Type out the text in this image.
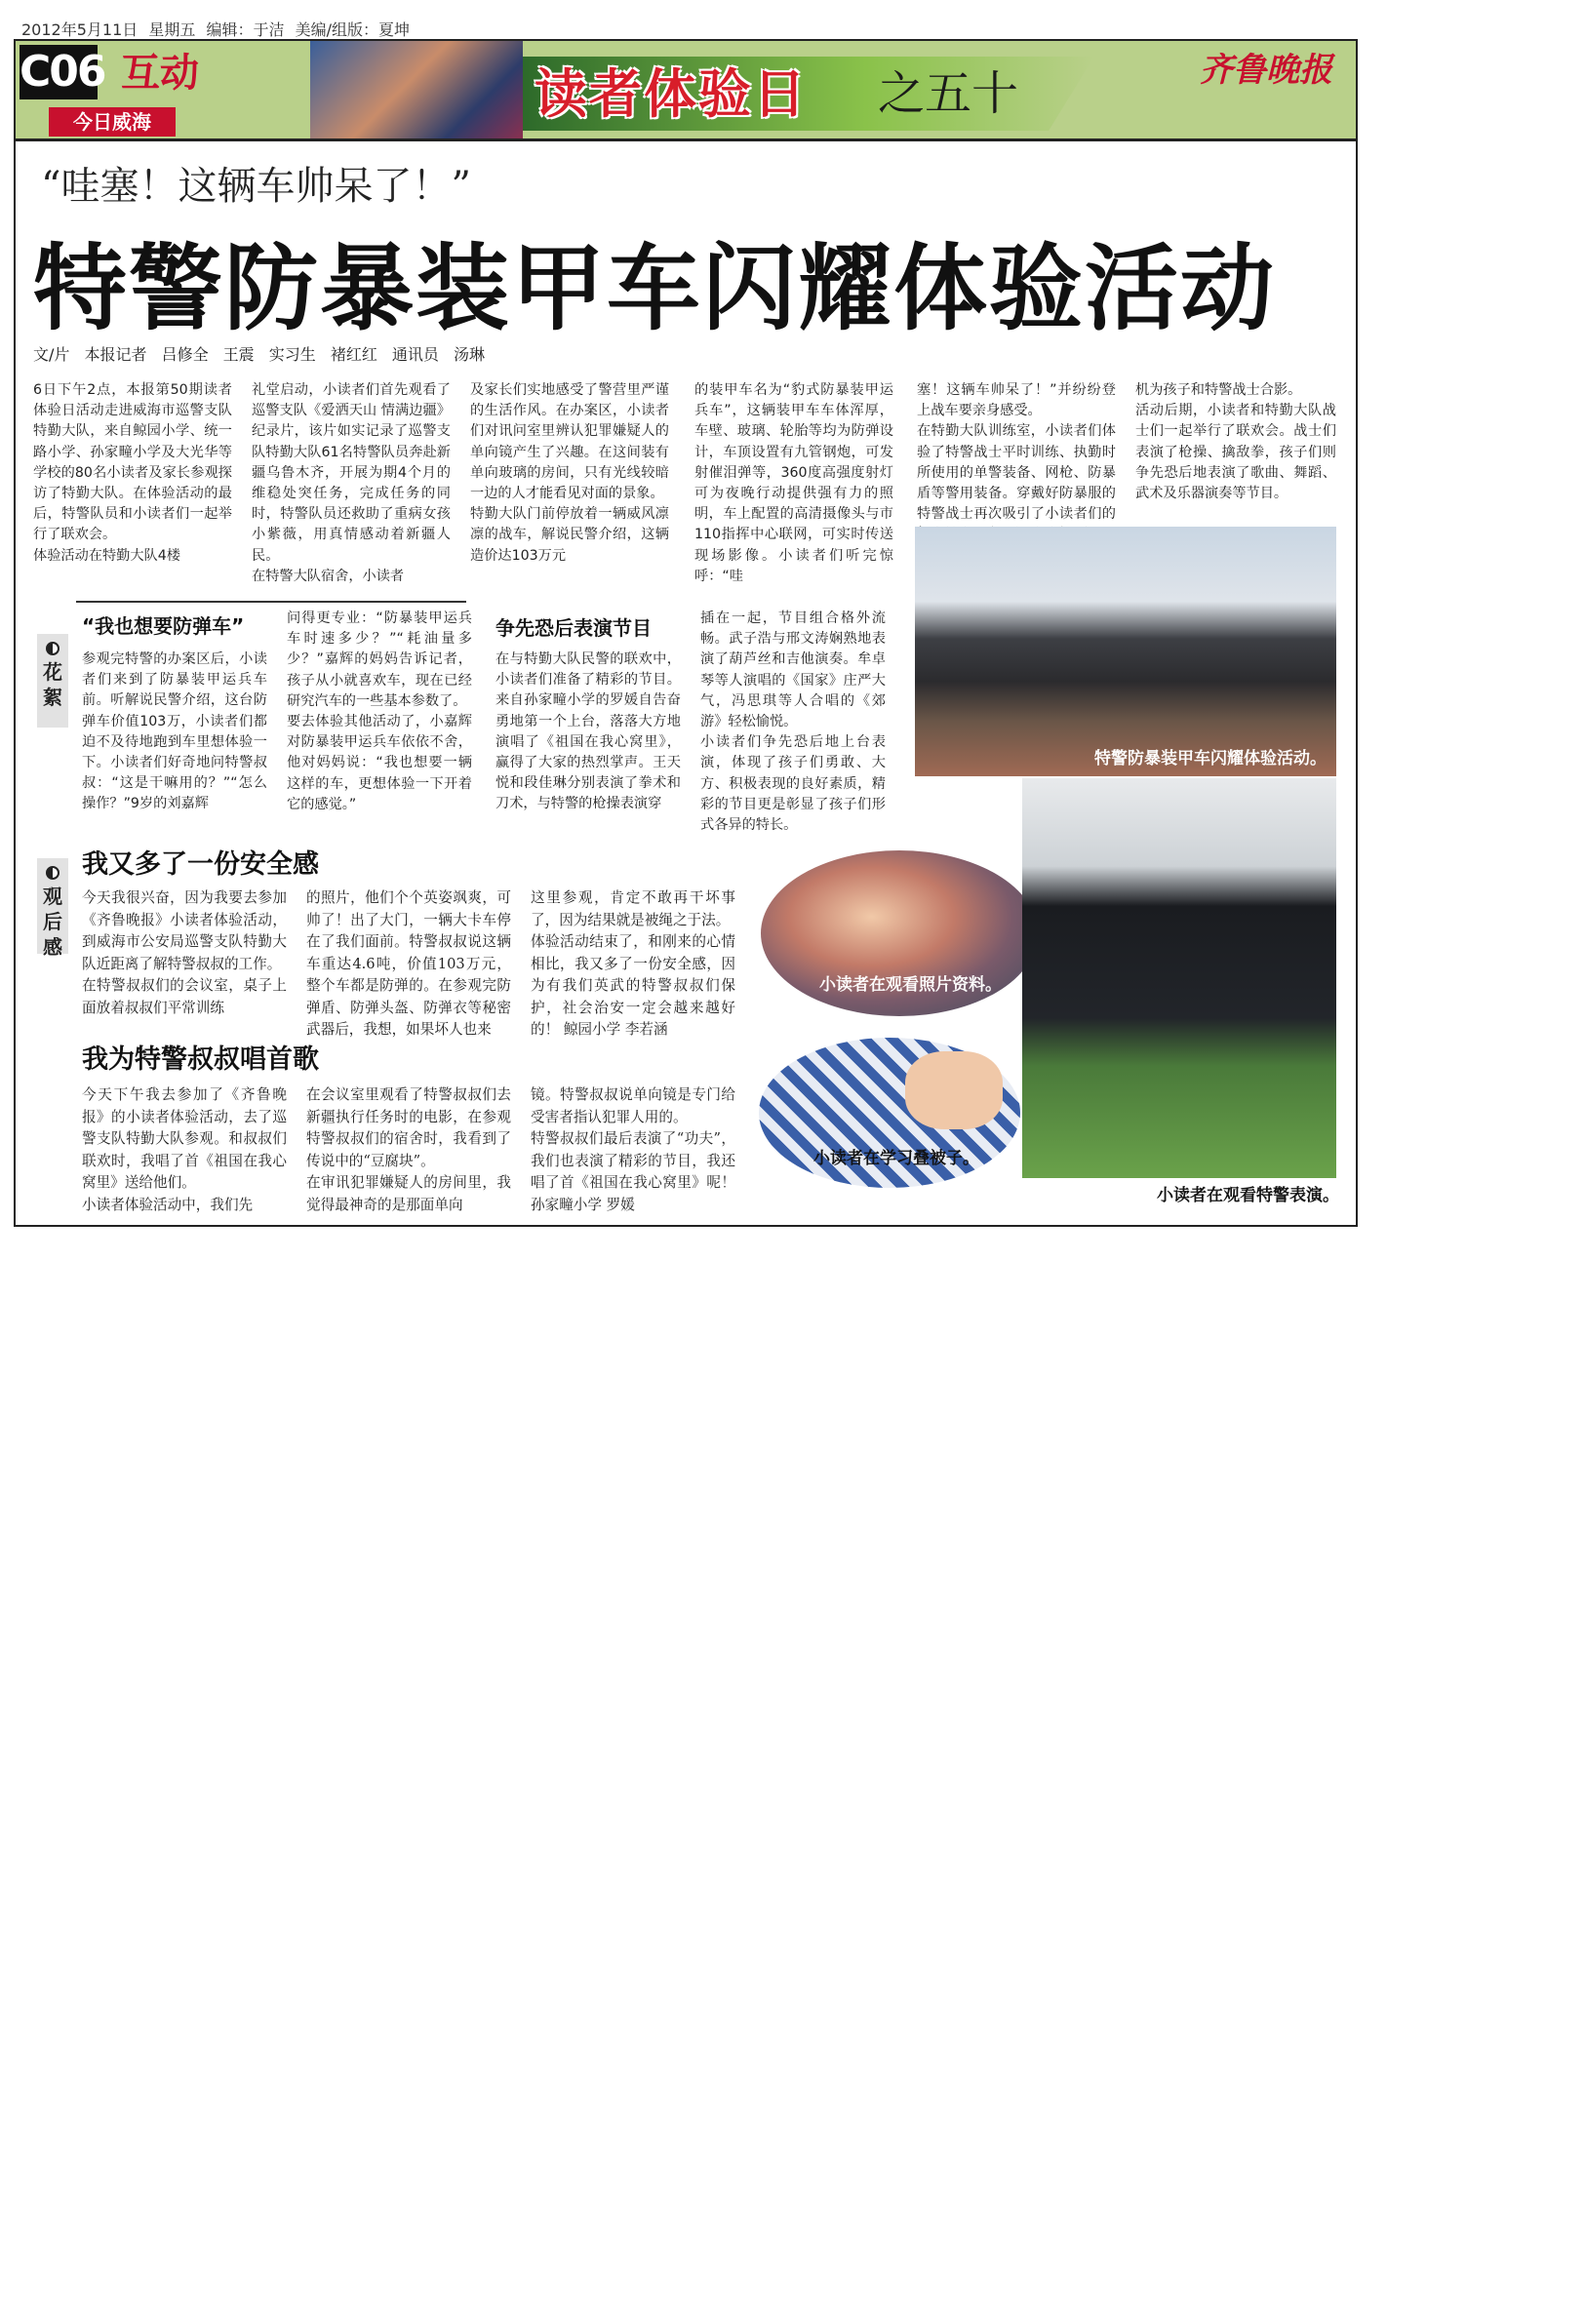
2012年5月11日 星期五 编辑：于洁 美编/组版：夏坤
C06 互动
今日威海	读者体验日 之五十	齐鲁晚报
“哇塞！这辆车帅呆了！”
特警防暴装甲车闪耀体验活动
文/片 本报记者 吕修全 王震 实习生 褚红红 通讯员 汤琳
6日下午2点，本报第50期读者体验日活动走进威海市巡警支队特勤大队，来自鲸园小学、统一路小学、孙家疃小学及大光华等学校的80名小读者及家长参观探访了特勤大队。在体验活动的最后，特警队员和小读者们一起举行了联欢会。
体验活动在特勤大队4楼
礼堂启动，小读者们首先观看了巡警支队《爱洒天山 情满边疆》纪录片，该片如实记录了巡警支队特勤大队61名特警队员奔赴新疆乌鲁木齐，开展为期4个月的维稳处突任务，完成任务的同时，特警队员还救助了重病女孩小紫薇，用真情感动着新疆人民。
在特警大队宿舍，小读者
及家长们实地感受了警营里严谨的生活作风。在办案区，小读者们对讯问室里辨认犯罪嫌疑人的单向镜产生了兴趣。在这间装有单向玻璃的房间，只有光线较暗一边的人才能看见对面的景象。
特勤大队门前停放着一辆威风凛凛的战车，解说民警介绍，这辆造价达103万元
的装甲车名为“豹式防暴装甲运兵车”，这辆装甲车车体浑厚，车壁、玻璃、轮胎等均为防弹设计，车顶设置有九管钢炮，可发射催泪弹等，360度高强度射灯可为夜晚行动提供强有力的照明，车上配置的高清摄像头与市110指挥中心联网，可实时传送现场影像。小读者们听完惊呼：“哇
塞！这辆车帅呆了！”并纷纷登上战车要亲身感受。
在特勤大队训练室，小读者们体验了特警战士平时训练、执勤时所使用的单警装备、网枪、防暴盾等警用装备。穿戴好防暴服的特警战士再次吸引了小读者们的
机为孩子和特警战士合影。
活动后期，小读者和特勤大队战士们一起举行了联欢会。战士们表演了枪操、擒敌拳，孩子们则争先恐后地表演了歌曲、舞蹈、武术及乐器演奏等节目。
特警防暴装甲车闪耀体验活动。
花絮
“我也想要防弹车”
参观完特警的办案区后，小读者们来到了防暴装甲运兵车前。听解说民警介绍，这台防弹车价值103万，小读者们都迫不及待地跑到车里想体验一下。小读者们好奇地问特警叔叔：“这是干嘛用的？”“怎么操作？”9岁的刘嘉辉
问得更专业：“防暴装甲运兵车时速多少？”“耗油量多少？”嘉辉的妈妈告诉记者，孩子从小就喜欢车，现在已经研究汽车的一些基本参数了。
要去体验其他活动了，小嘉辉对防暴装甲运兵车依依不舍，他对妈妈说：“我也想要一辆这样的车，更想体验一下开着它的感觉。”
争先恐后表演节目
在与特勤大队民警的联欢中，小读者们准备了精彩的节目。来自孙家疃小学的罗媛自告奋勇地第一个上台，落落大方地演唱了《祖国在我心窝里》，赢得了大家的热烈掌声。王天悦和段佳琳分别表演了拳术和刀术，与特警的枪操表演穿
插在一起，节目组合格外流畅。武子浩与邢文涛娴熟地表演了葫芦丝和吉他演奏。牟卓琴等人演唱的《国家》庄严大气，冯思琪等人合唱的《郊游》轻松愉悦。
小读者们争先恐后地上台表演，体现了孩子们勇敢、大方、积极表现的良好素质，精彩的节目更是彰显了孩子们形式各异的特长。
观后感
我又多了一份安全感
今天我很兴奋，因为我要去参加《齐鲁晚报》小读者体验活动，到威海市公安局巡警支队特勤大队近距离了解特警叔叔的工作。
在特警叔叔们的会议室，桌子上面放着叔叔们平常训练
的照片，他们个个英姿飒爽，可帅了！出了大门，一辆大卡车停在了我们面前。特警叔叔说这辆车重达4.6吨，价值103万元，整个车都是防弹的。在参观完防弹盾、防弹头盔、防弹衣等秘密武器后，我想，如果坏人也来
这里参观，肯定不敢再干坏事了，因为结果就是被绳之于法。
体验活动结束了，和刚来的心情相比，我又多了一份安全感，因为有我们英武的特警叔叔们保护，社会治安一定会越来越好的！ 鲸园小学 李若涵
我为特警叔叔唱首歌
今天下午我去参加了《齐鲁晚报》的小读者体验活动，去了巡警支队特勤大队参观。和叔叔们联欢时，我唱了首《祖国在我心窝里》送给他们。
小读者体验活动中，我们先
在会议室里观看了特警叔叔们去新疆执行任务时的电影，在参观特警叔叔们的宿舍时，我看到了传说中的“豆腐块”。
在审讯犯罪嫌疑人的房间里，我觉得最神奇的是那面单向
镜。特警叔叔说单向镜是专门给受害者指认犯罪人用的。
特警叔叔们最后表演了“功夫”，我们也表演了精彩的节目，我还唱了首《祖国在我心窝里》呢！ 孙家疃小学 罗媛
小读者在观看照片资料。
小读者在学习叠被子。
小读者在观看特警表演。
